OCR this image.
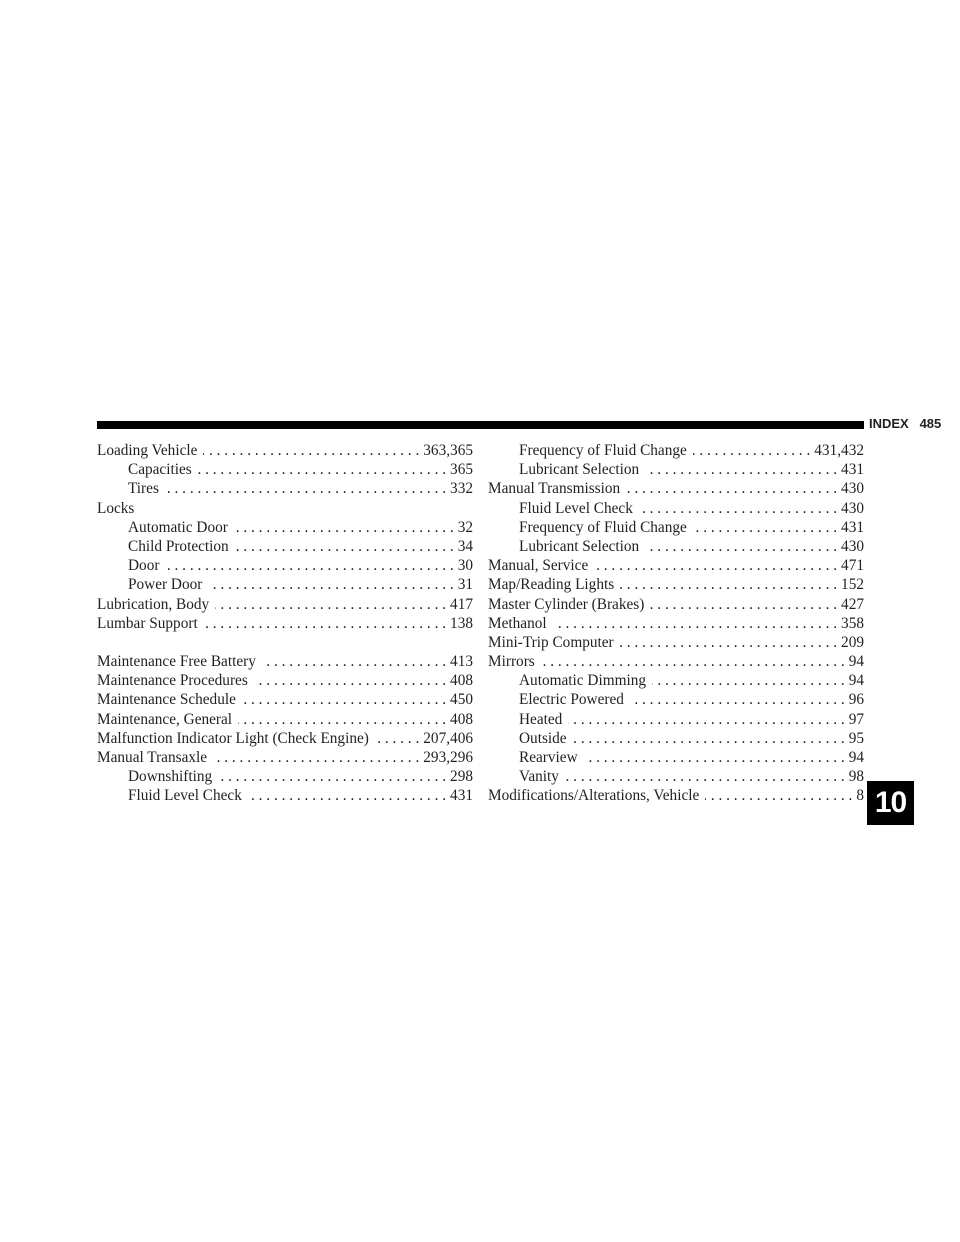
INDEX 485
Loading Vehicle . . .	363,365
Capacities . . .	365
Tires . . .	332
Locks
Automatic Door . . .	32
Child Protection . . .	34
Door . . .	30
Power Door . . .	31
Lubrication, Body . . .	417
Lumbar Support . . .	138
Maintenance Free Battery . . .	413
Maintenance Procedures . . .	408
Maintenance Schedule . . .	450
Maintenance, General . . .	408
Malfunction Indicator Light (Check Engine) . . .	207,406
Manual Transaxle . . .	293,296
Downshifting . . .	298
Fluid Level Check . . .	431
Frequency of Fluid Change . . .	431,432
Lubricant Selection . . .	431
Manual Transmission . . .	430
Fluid Level Check . . .	430
Frequency of Fluid Change . . .	431
Lubricant Selection . . .	430
Manual, Service . . .	471
Map/Reading Lights . . .	152
Master Cylinder (Brakes) . . .	427
Methanol . . .	358
Mini-Trip Computer . . .	209
Mirrors . . .	94
Automatic Dimming . . .	94
Electric Powered . . .	96
Heated . . .	97
Outside . . .	95
Rearview . . .	94
Vanity . . .	98
Modifications/Alterations, Vehicle . . .	8 10
